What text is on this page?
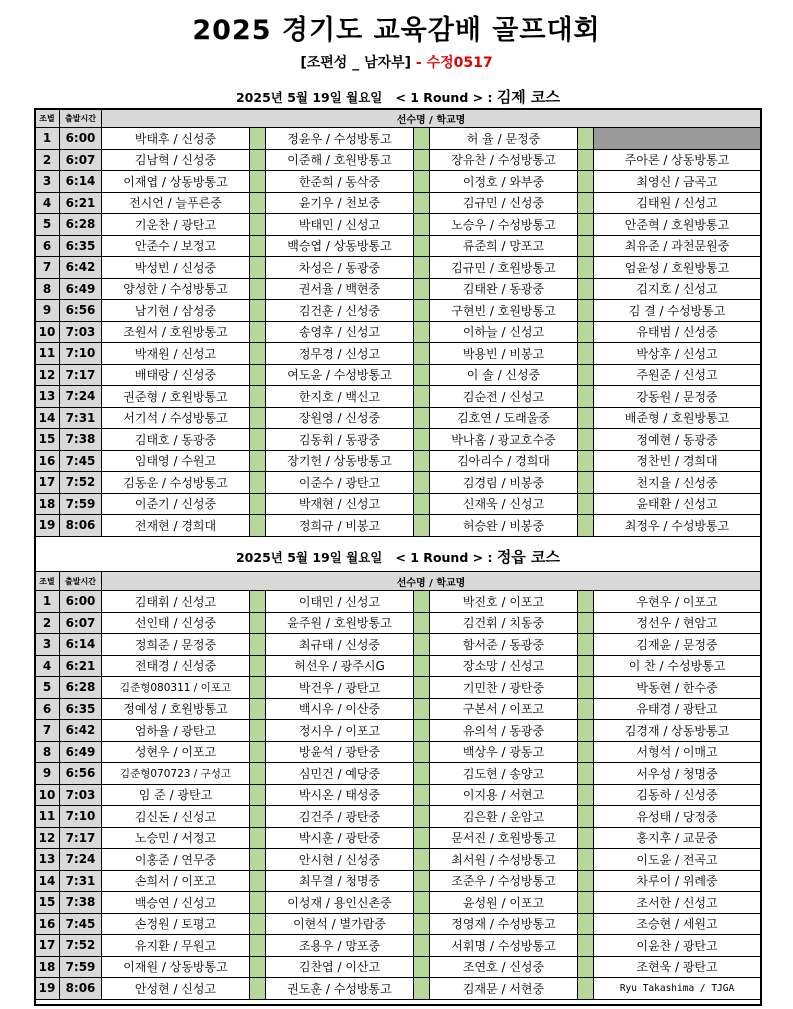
2025 경기도 교육감배 골프대회
[조편성 _ 남자부] - 수정0517
2025년 5월 19일 월요일 < 1 Round > : 김제 코스
조별	출발시간	선수명 / 학교명						
1	6:00	박태후 / 신성중		정윤우 / 수성방통고		허 율 / 문정중		
2	6:07	김남혁 / 신성중		이준해 / 호원방통고		장유찬 / 수성방통고		주아론 / 상동방통고
3	6:14	이재엽 / 상동방통고		한준희 / 동삭중		이정호 / 와부중		최영신 / 금곡고
4	6:21	전시언 / 늘푸른중		윤기우 / 천보중		김규민 / 신성중		김태원 / 신성고
5	6:28	기운찬 / 광탄고		박태민 / 신성고		노승우 / 수성방통고		안준혁 / 호원방통고
6	6:35	안준수 / 보정고		백승엽 / 상동방통고		류준희 / 망포고		최유준 / 과천문원중
7	6:42	박성빈 / 신성중		차성은 / 동광중		김규민 / 호원방통고		엄윤성 / 호원방통고
8	6:49	양성한 / 수성방통고		권서율 / 백현중		김태완 / 동광중		김지호 / 신성고
9	6:56	남기현 / 삼성중		김건훈 / 신성중		구현빈 / 호원방통고		김 결 / 수성방통고
10	7:03	조원서 / 호원방통고		송영후 / 신성고		이하늘 / 신성고		유태범 / 신성중
11	7:10	박재원 / 신성고		정무경 / 신성고		박용빈 / 비봉고		박상후 / 신성고
12	7:17	배태랑 / 신성중		여도윤 / 수성방통고		이 솔 / 신성중		주원준 / 신성고
13	7:24	권준형 / 호원방통고		한지호 / 백신고		김순전 / 신성고		강동원 / 문정중
14	7:31	서기석 / 수성방통고		장원영 / 신성중		김호연 / 도래울중		배준형 / 호원방통고
15	7:38	김태호 / 동광중		김동휘 / 동광중		박나홈 / 광교호수중		정예현 / 동광중
16	7:45	임태영 / 수원고		장기헌 / 상동방통고		김아리수 / 경희대		정찬빈 / 경희대
17	7:52	김동운 / 수성방통고		이준수 / 광탄고		김경림 / 비봉중		천지율 / 신성중
18	7:59	이준기 / 신성중		박재현 / 신성고		신재욱 / 신성고		윤태환 / 신성고
19	8:06	전재현 / 경희대		정희규 / 비봉고		허승완 / 비봉중		최정우 / 수성방통고
2025년 5월 19일 월요일 < 1 Round > : 정읍 코스
조별	출발시간	선수명 / 학교명						
1	6:00	김태휘 / 신성고		이태민 / 신성고		박진호 / 이포고		우현우 / 이포고
2	6:07	선인태 / 신성중		윤주원 / 호원방통고		김건휘 / 치동중		정선우 / 현암고
3	6:14	정희준 / 문정중		최규태 / 신성중		함서준 / 동광중		김재윤 / 문정중
4	6:21	전태경 / 신성중		허선우 / 광주시G		장소망 / 신성고		이 찬 / 수성방통고
5	6:28	김준형080311 / 이포고		박건우 / 광탄고		기민찬 / 광탄중		박동현 / 한수중
6	6:35	정예성 / 호원방통고		백시우 / 이산중		구본서 / 이포고		유태경 / 광탄고
7	6:42	엄하율 / 광탄고		정시우 / 이포고		유의석 / 동광중		김경재 / 상동방통고
8	6:49	성현우 / 이포고		방윤석 / 광탄중		백상우 / 광동고		서형석 / 이매고
9	6:56	김준형070723 / 구성고		심민건 / 예당중		김도현 / 송양고		서우성 / 청명중
10	7:03	임 준 / 광탄고		박시온 / 태성중		이지용 / 서현고		김동하 / 신성중
11	7:10	김신돈 / 신성고		김건주 / 광탄중		김은환 / 운암고		유성태 / 당정중
12	7:17	노승민 / 서정고		박시훈 / 광탄중		문서진 / 호원방통고		홍지후 / 교문중
13	7:24	이홍준 / 연무중		안시현 / 신성중		최서원 / 수성방통고		이도윤 / 전곡고
14	7:31	손희서 / 이포고		최무결 / 청명중		조준우 / 수성방통고		차루이 / 위례중
15	7:38	백승연 / 신성고		이성재 / 용인신촌중		윤성원 / 이포고		조서한 / 신성고
16	7:45	손정원 / 토평고		이현석 / 별가람중		정영재 / 수성방통고		조승현 / 세원고
17	7:52	유지환 / 무원고		조용우 / 망포중		서휘명 / 수성방통고		이윤찬 / 광탄고
18	7:59	이재원 / 상동방통고		김찬엽 / 이산고		조연호 / 신성중		조현욱 / 광탄고
19	8:06	안성현 / 신성고		권도훈 / 수성방통고		김재문 / 서현중		Ryu Takashima / TJGA
